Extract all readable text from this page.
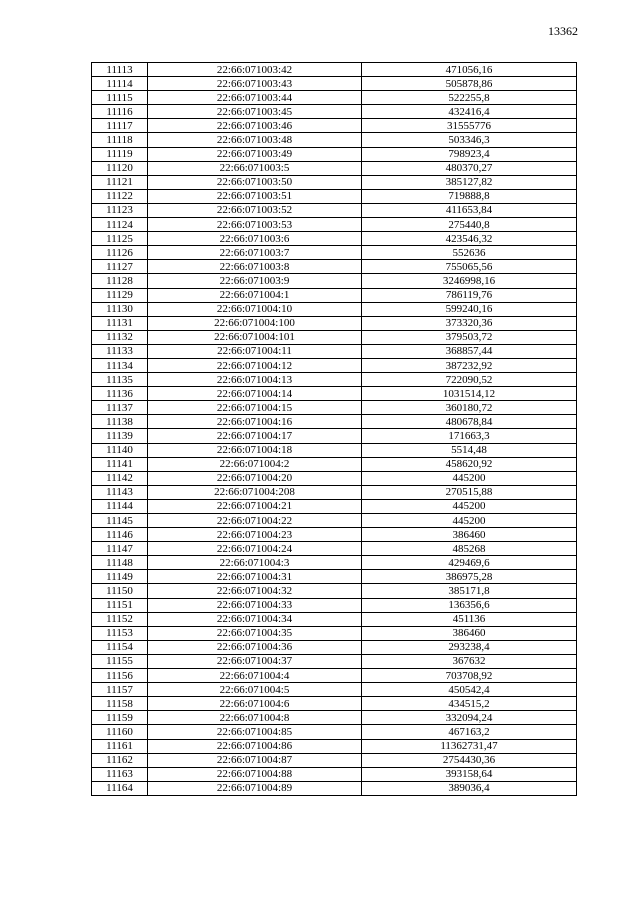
13362
11113	22:66:071003:42	471056,16
11114	22:66:071003:43	505878,86
11115	22:66:071003:44	522255,8
11116	22:66:071003:45	432416,4
11117	22:66:071003:46	31555776
11118	22:66:071003:48	503346,3
11119	22:66:071003:49	798923,4
11120	22:66:071003:5	480370,27
11121	22:66:071003:50	385127,82
11122	22:66:071003:51	719888,8
11123	22:66:071003:52	411653,84
11124	22:66:071003:53	275440,8
11125	22:66:071003:6	423546,32
11126	22:66:071003:7	552636
11127	22:66:071003:8	755065,56
11128	22:66:071003:9	3246998,16
11129	22:66:071004:1	786119,76
11130	22:66:071004:10	599240,16
11131	22:66:071004:100	373320,36
11132	22:66:071004:101	379503,72
11133	22:66:071004:11	368857,44
11134	22:66:071004:12	387232,92
11135	22:66:071004:13	722090,52
11136	22:66:071004:14	1031514,12
11137	22:66:071004:15	360180,72
11138	22:66:071004:16	480678,84
11139	22:66:071004:17	171663,3
11140	22:66:071004:18	5514,48
11141	22:66:071004:2	458620,92
11142	22:66:071004:20	445200
11143	22:66:071004:208	270515,88
11144	22:66:071004:21	445200
11145	22:66:071004:22	445200
11146	22:66:071004:23	386460
11147	22:66:071004:24	485268
11148	22:66:071004:3	429469,6
11149	22:66:071004:31	386975,28
11150	22:66:071004:32	385171,8
11151	22:66:071004:33	136356,6
11152	22:66:071004:34	451136
11153	22:66:071004:35	386460
11154	22:66:071004:36	293238,4
11155	22:66:071004:37	367632
11156	22:66:071004:4	703708,92
11157	22:66:071004:5	450542,4
11158	22:66:071004:6	434515,2
11159	22:66:071004:8	332094,24
11160	22:66:071004:85	467163,2
11161	22:66:071004:86	11362731,47
11162	22:66:071004:87	2754430,36
11163	22:66:071004:88	393158,64
11164	22:66:071004:89	389036,4
